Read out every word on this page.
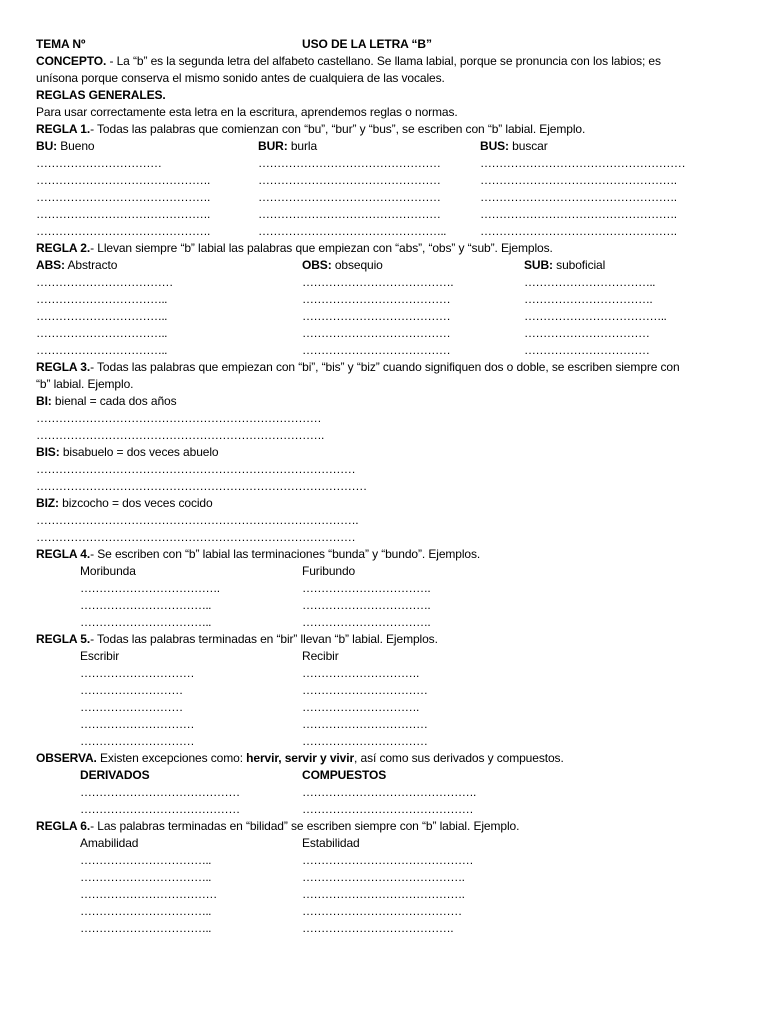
TEMA Nº	USO DE LA LETRA “B”
CONCEPTO. - La “b” es la segunda letra del alfabeto castellano. Se llama labial, porque se pronuncia con los labios; es
unísona porque conserva el mismo sonido antes de cualquiera de las vocales.
REGLAS GENERALES.
Para usar correctamente esta letra en la escritura, aprendemos reglas o normas.
REGLA 1.- Todas las palabras que comienzan con “bu”, “bur” y “bus”, se escriben con “b” labial. Ejemplo.
BU: Bueno	BUR: burla	BUS: buscar
……………………………	…………………………………………	………………………………………………
……………………………………….	…………………………………………	…………………………………………….
……………………………………….	…………………………………………	…………………………………………….
……………………………………….	…………………………………………	…………………………………………….
……………………………………….	…………………………………………..	…………………………………………….
REGLA 2.- Llevan siempre “b” labial las palabras que empiezan con “abs”, “obs” y “sub”. Ejemplos.
ABS: Abstracto	OBS: obsequio	SUB: suboficial
………………………………	………………………………….	……………………………..
……………………………..	…………………………………	…………………………….
……………………………..	…………………………………	………………………………..
……………………………..	…………………………………	……………………………
……………………………..	…………………………………	……………………………
REGLA 3.- Todas las palabras que empiezan con “bi”, “bis” y “biz” cuando signifiquen dos o doble, se escriben siempre con
“b” labial. Ejemplo.
BI: bienal = cada dos años
…………………………………………………………………
………………………………………………………………….
BIS: bisabuelo = dos veces abuelo
…………………………………………………………………………
……………………………………………………………………………
BIZ: bizcocho = dos veces cocido
………………………………………………………………………….
…………………………………………………………………………
REGLA 4.- Se escriben con “b” labial las terminaciones “bunda” y “bundo”. Ejemplos.
Moribunda	Furibundo
……………………………….	…………………………….
……………………………..	…………………………….
……………………………..	…………………………….
REGLA 5.- Todas las palabras terminadas en “bir” llevan “b” labial. Ejemplos.
Escribir	Recibir
…………………………	………………………….
………………………	……………………………
………………………	………………………….
…………………………	……………………………
…………………………	……………………………
OBSERVA. Existen excepciones como: hervir, servir y vivir, así como sus derivados y compuestos.
DERIVADOS	COMPUESTOS
……………………………………	……………………………………….
……………………………………	………………………………………
REGLA 6.- Las palabras terminadas en “bilidad” se escriben siempre con “b” labial. Ejemplo.
Amabilidad	Estabilidad
……………………………..	………………………………………
……………………………..	…………………………………….
………………………………	…………………………………….
……………………………..	……………………………………
……………………………..	………………………………….
